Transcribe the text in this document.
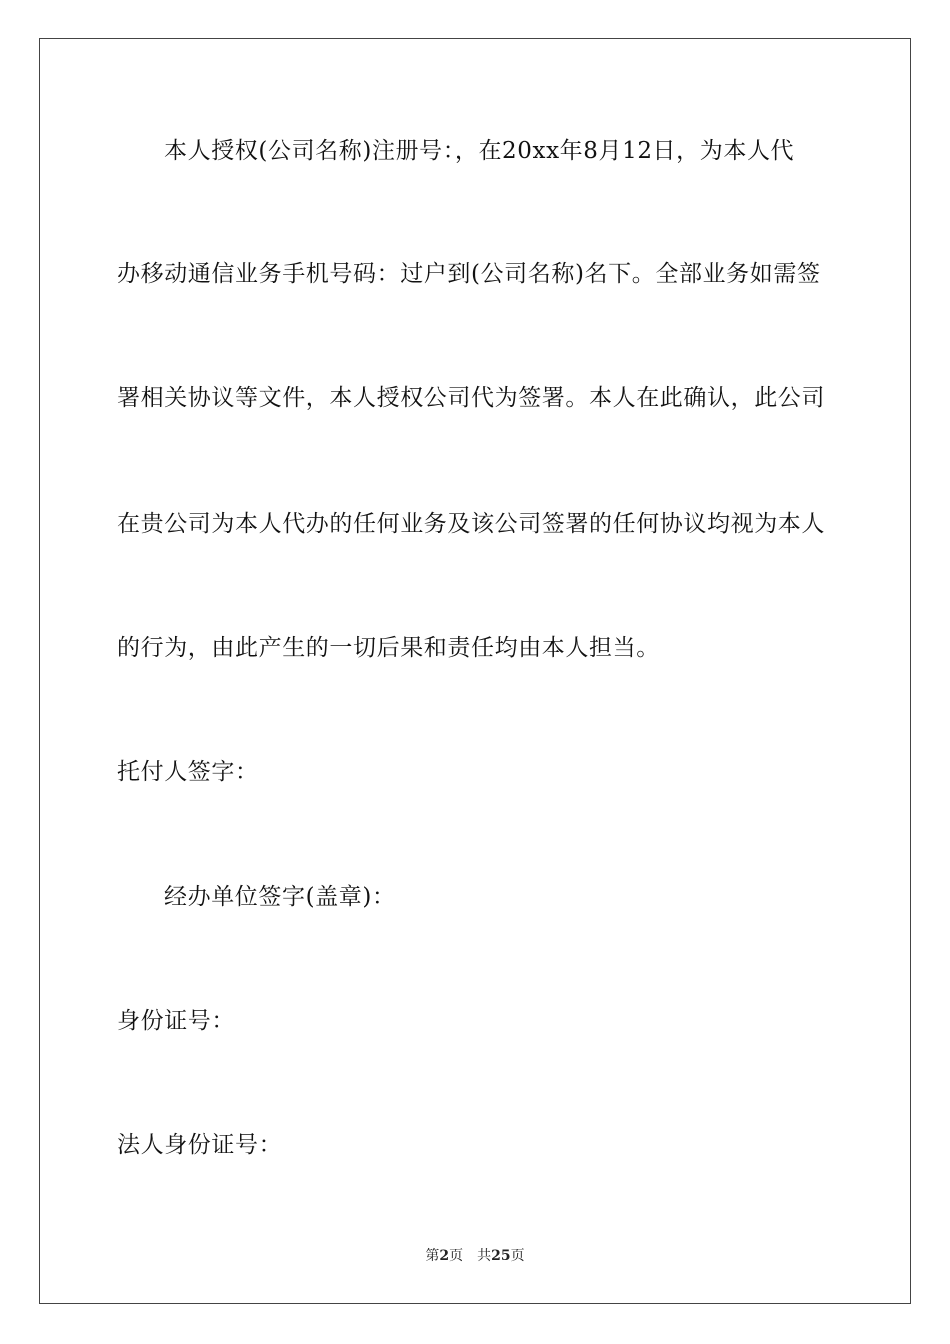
本人授权(公司名称)注册号：，在20xx年8月12日，为本人代
办移动通信业务手机号码：过户到(公司名称)名下。全部业务如需签
署相关协议等文件，本人授权公司代为签署。本人在此确认，此公司
在贵公司为本人代办的任何业务及该公司签署的任何协议均视为本人
的行为，由此产生的一切后果和责任均由本人担当。
托付人签字：
经办单位签字(盖章)：
身份证号：
法人身份证号：
第2页 共25页
